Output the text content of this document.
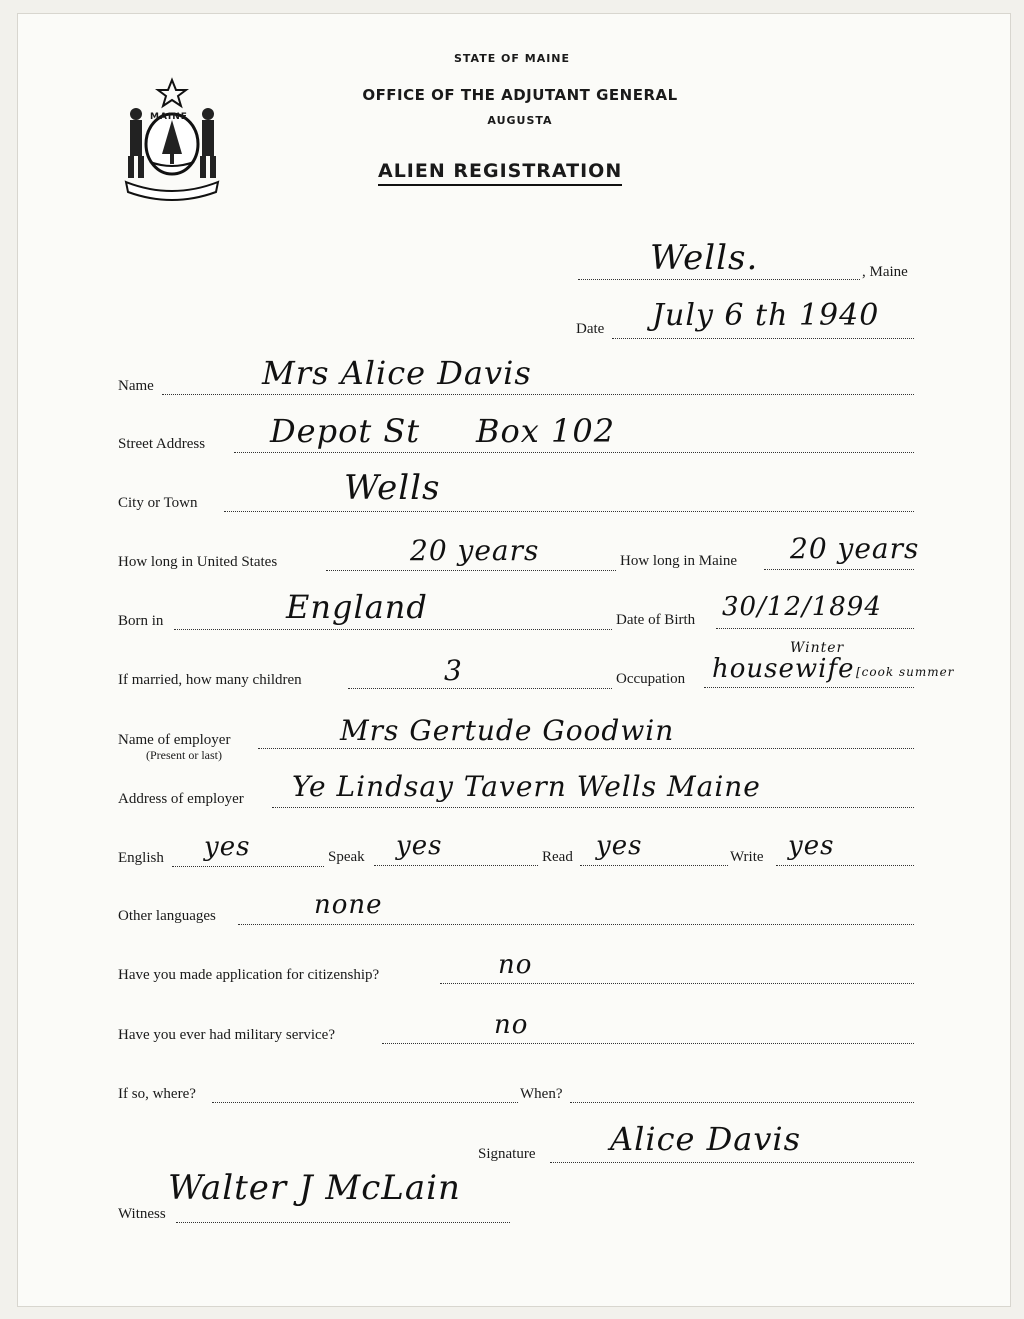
MAINE
STATE OF MAINE
OFFICE OF THE ADJUTANT GENERAL
AUGUSTA
ALIEN REGISTRATION
Wells.	, Maine
Date July 6 th 1940
Name	Mrs Alice Davis
Street Address Depot St     Box 102
City or Town	Wells
How long in United States	20 years	How long in Maine 20 years
Born in	England	Date of Birth 30/12/1894
If married, how many children	3	Occupation
Winter
housewife [cook summer
Name of employer
(Present or last)
Mrs Gertude Goodwin
Address of employer Ye Lindsay Tavern Wells Maine
English yes	Speak yes	Read yes	Write yes
Other languages	none
Have you made application for citizenship?	no
Have you ever had military service?	no
If so, where?	When?
Signature Alice Davis
Witness
Walter J McLain
